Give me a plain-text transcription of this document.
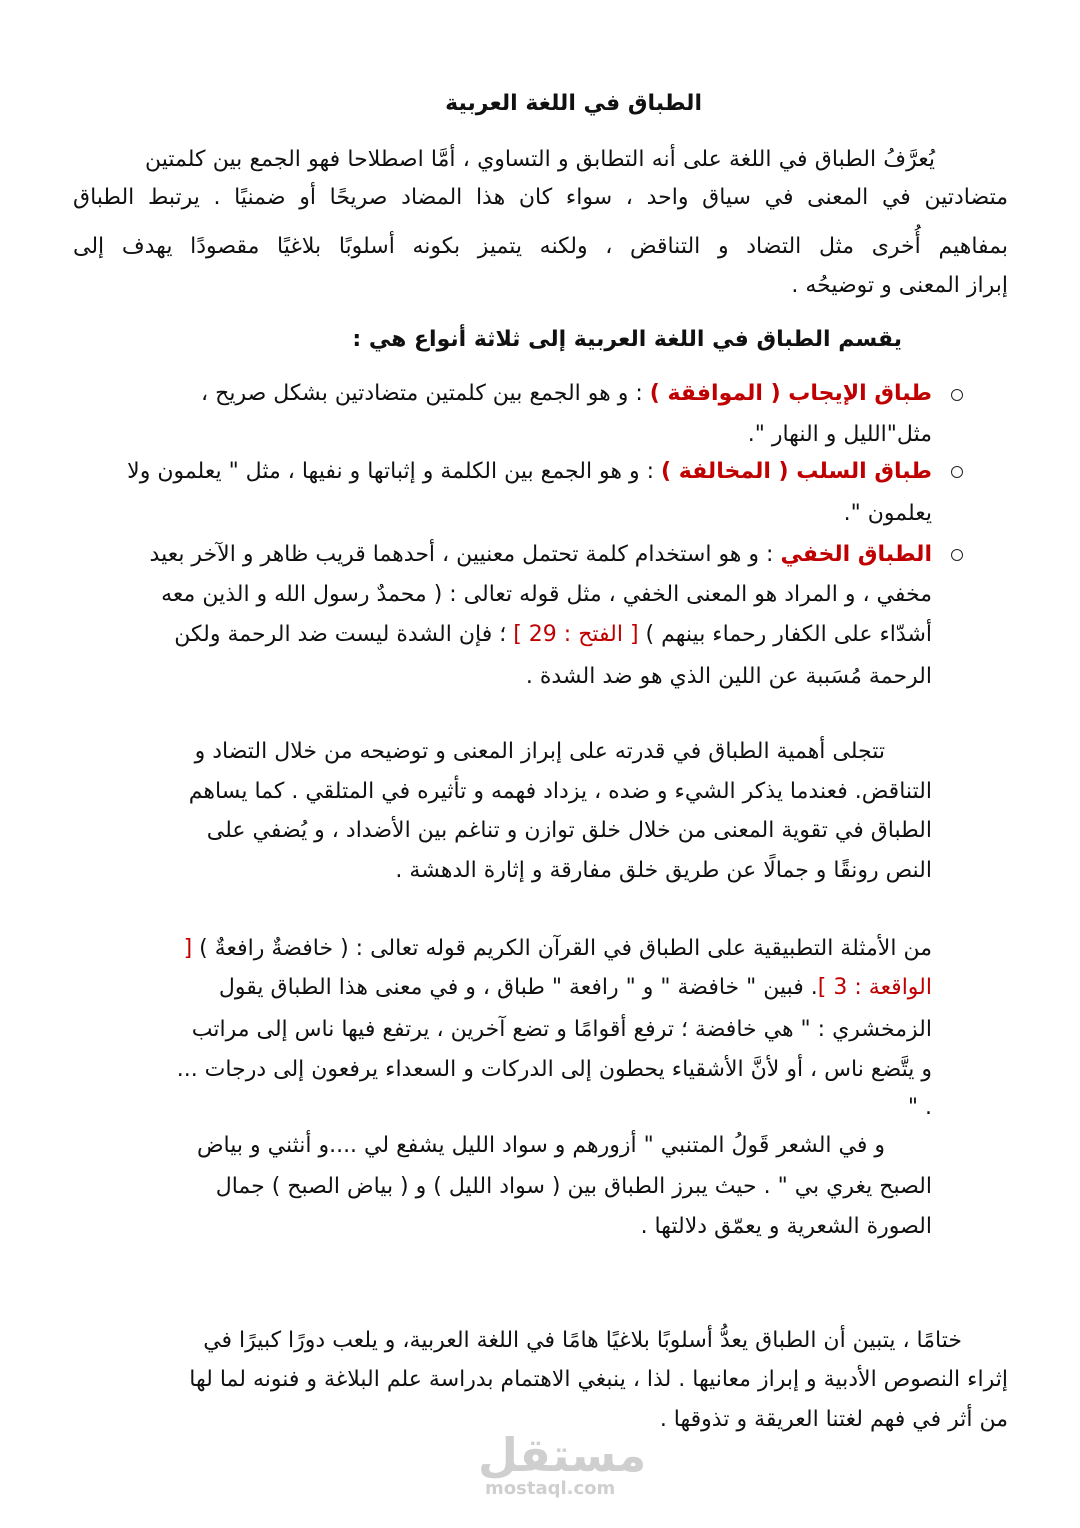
الطباق في اللغة العربية
يُعرَّفُ الطباق في اللغة على أنه التطابق و التساوي ، أمَّا اصطلاحا فهو الجمع بين كلمتين
متضادتين في المعنى في سياق واحد ، سواء كان هذا المضاد صريحًا أو ضمنيًا . يرتبط الطباق
بمفاهيم أُخرى مثل التضاد و التناقض ، ولكنه يتميز بكونه أسلوبًا بلاغيًا مقصودًا يهدف إلى
إبراز المعنى و توضيحُه .
يقسم الطباق في اللغة العربية إلى ثلاثة أنواع هي :
طباق الإيجاب ( الموافقة ) : و هو الجمع بين كلمتين متضادتين بشكل صريح ،
مثل"الليل و النهار ".
طباق السلب ( المخالفة ) : و هو الجمع بين الكلمة و إثباتها و نفيها ، مثل " يعلمون ولا
يعلمون ".
الطباق الخفي : و هو استخدام كلمة تحتمل معنيين ، أحدهما قريب ظاهر و الآخر بعيد
مخفي ، و المراد هو المعنى الخفي ، مثل قوله تعالى : ( محمدٌ رسول الله و الذين معه
أشدّاء على الكفار رحماء بينهم ) [ الفتح : 29 ] ؛ فإن الشدة ليست ضد الرحمة ولكن
الرحمة مُسَببة عن اللين الذي هو ضد الشدة .
تتجلى أهمية الطباق في قدرته على إبراز المعنى و توضيحه من خلال التضاد و
التناقض. فعندما يذكر الشيء و ضده ، يزداد فهمه و تأثيره في المتلقي . كما يساهم
الطباق في تقوية المعنى من خلال خلق توازن و تناغم بين الأضداد ، و يُضفي على
النص رونقًا و جمالًا عن طريق خلق مفارقة و إثارة الدهشة .
من الأمثلة التطبيقية على الطباق في القرآن الكريم قوله تعالى : ( خافضةٌ رافعةٌ ) [
الواقعة : 3 ]. فبين " خافضة " و " رافعة " طباق ، و في معنى هذا الطباق يقول
الزمخشري : " هي خافضة ؛ ترفع أقوامًا و تضع آخرين ، يرتفع فيها ناس إلى مراتب
و يتَّضع ناس ، أو لأنَّ الأشقياء يحطون إلى الدركات و السعداء يرفعون إلى درجات ...
" .
و في الشعر قَولُ المتنبي " أزورهم و سواد الليل يشفع لي ....و أنثني و بياض
الصبح يغري بي " . حيث يبرز الطباق بين ( سواد الليل ) و ( بياض الصبح ) جمال
الصورة الشعرية و يعمّق دلالتها .
ختامًا ، يتبين أن الطباق يعدُّ أسلوبًا بلاغيًا هامًا في اللغة العربية، و يلعب دورًا كبيرًا في
إثراء النصوص الأدبية و إبراز معانيها . لذا ، ينبغي الاهتمام بدراسة علم البلاغة و فنونه لما لها
من أثر في فهم لغتنا العريقة و تذوقها .
مستقل
mostaql.com
